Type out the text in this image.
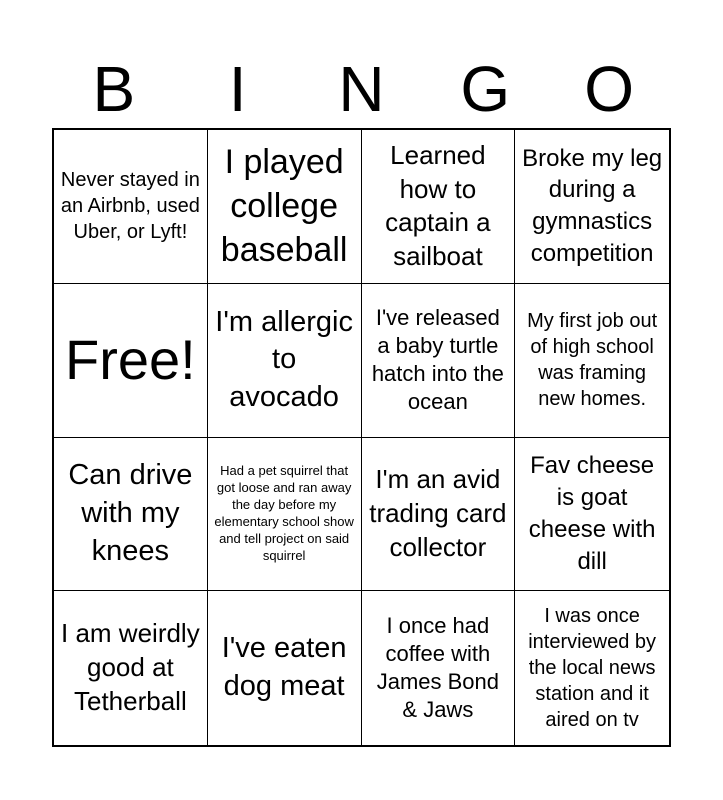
B	I	N	G	O
Never stayed in an Airbnb, used Uber, or Lyft!
I played college baseball
Learned how to captain a sailboat
Broke my leg during a gymnastics competition
Free!
I'm allergic to avocado
I've released a baby turtle hatch into the ocean
My first job out of high school was framing new homes.
Can drive with my knees
Had a pet squirrel that got loose and ran away the day before my elementary school show and tell project on said squirrel
I'm an avid trading card collector
Fav cheese is goat cheese with dill
I am weirdly good at Tetherball
I've eaten dog meat
I once had coffee with James Bond & Jaws
I was once interviewed by the local news station and it aired on tv
